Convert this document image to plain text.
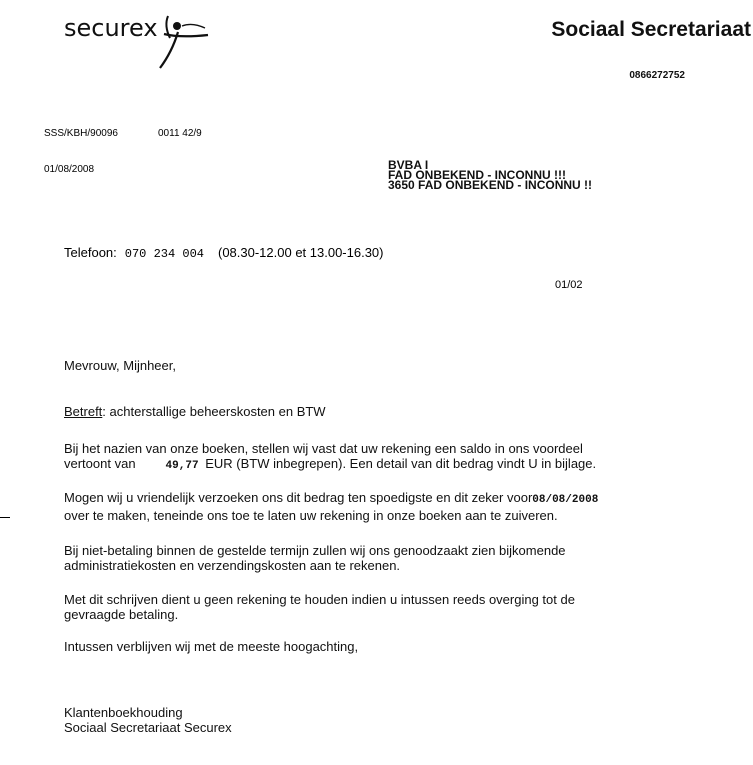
securex	Sociaal Secretariaat
0866272752
SSS/KBH/90096	0011 42/9
01/08/2008	BVBA I
FAD ONBEKEND - INCONNU !!!
3650 FAD ONBEKEND - INCONNU !!
Telefoon: 070 234 004 (08.30-12.00 et 13.00-16.30)
01/02
Mevrouw, Mijnheer,
Betreft: achterstallige beheerskosten en BTW
Bij het nazien van onze boeken, stellen wij vast dat uw rekening een saldo in ons voordeel
vertoont van	49,77 EUR (BTW inbegrepen). Een detail van dit bedrag vindt U in bijlage.
Mogen wij u vriendelijk verzoeken ons dit bedrag ten spoedigste en dit zeker voor08/08/2008
over te maken, teneinde ons toe te laten uw rekening in onze boeken aan te zuiveren.
Bij niet-betaling binnen de gestelde termijn zullen wij ons genoodzaakt zien bijkomende
administratiekosten en verzendingskosten aan te rekenen.
Met dit schrijven dient u geen rekening te houden indien u intussen reeds overging tot de
gevraagde betaling.
Intussen verblijven wij met de meeste hoogachting,
Klantenboekhouding
Sociaal Secretariaat Securex
